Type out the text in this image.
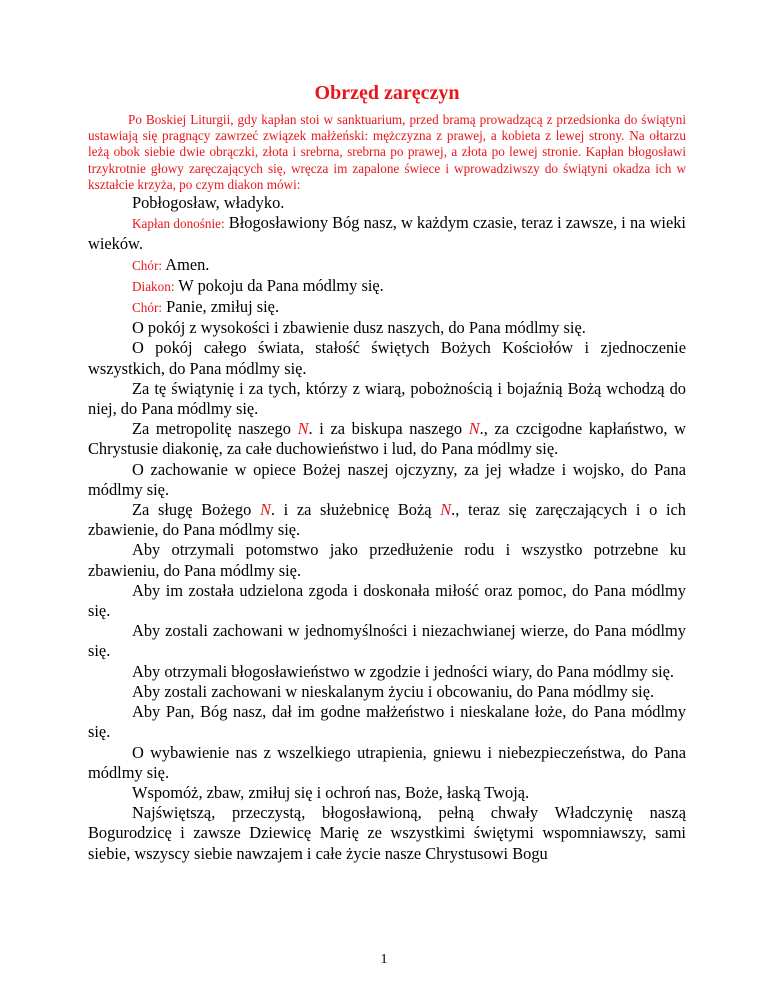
Obrzęd zaręczyn

Po Boskiej Liturgii, gdy kapłan stoi w sanktuarium, przed bramą prowadzącą z przedsionka do świątyni ustawiają się pragnący zawrzeć związek małżeński: mężczyzna z prawej, a kobieta z lewej strony. Na ołtarzu leżą obok siebie dwie obrączki, złota i srebrna, srebrna po prawej, a złota po lewej stronie. Kapłan błogosławi trzykrotnie głowy zaręczających się, wręcza im zapalone świece i wprowadziwszy do świątyni okadza ich w kształcie krzyża, po czym diakon mówi:

Pobłogosław, władyko.

Kapłan donośnie: Błogosławiony Bóg nasz, w każdym czasie, teraz i zawsze, i na wieki wieków.

Chór: Amen.

Diakon: W pokoju da Pana módlmy się.

Chór: Panie, zmiłuj się.

O pokój z wysokości i zbawienie dusz naszych, do Pana módlmy się.

O pokój całego świata, stałość świętych Bożych Kościołów i zjednoczenie wszystkich, do Pana módlmy się.

Za tę świątynię i za tych, którzy z wiarą, pobożnością i bojaźnią Bożą wchodzą do niej, do Pana módlmy się.

Za metropolitę naszego N. i za biskupa naszego N., za czcigodne kapłaństwo, w Chrystusie diakonię, za całe duchowieństwo i lud, do Pana módlmy się.

O zachowanie w opiece Bożej naszej ojczyzny, za jej władze i wojsko, do Pana módlmy się.

Za sługę Bożego N. i za służebnicę Bożą N., teraz się zaręczających i o ich zbawienie, do Pana módlmy się.

Aby otrzymali potomstwo jako przedłużenie rodu i wszystko potrzebne ku zbawieniu, do Pana módlmy się.

Aby im została udzielona zgoda i doskonała miłość oraz pomoc, do Pana módlmy się.

Aby zostali zachowani w jednomyślności i niezachwianej wierze, do Pana módlmy się.

Aby otrzymali błogosławieństwo w zgodzie i jedności wiary, do Pana módlmy się.

Aby zostali zachowani w nieskalanym życiu i obcowaniu, do Pana módlmy się.

Aby Pan, Bóg nasz, dał im godne małżeństwo i nieskalane łoże, do Pana módlmy się.

O wybawienie nas z wszelkiego utrapienia, gniewu i niebezpieczeństwa, do Pana módlmy się.

Wspomóż, zbaw, zmiłuj się i ochroń nas, Boże, łaską Twoją.

Najświętszą, przeczystą, błogosławioną, pełną chwały Władczynię naszą Bogurodzicę i zawsze Dziewicę Marię ze wszystkimi świętymi wspomniawszy, sami siebie, wszyscy siebie nawzajem i całe życie nasze Chrystusowi Bogu

1
